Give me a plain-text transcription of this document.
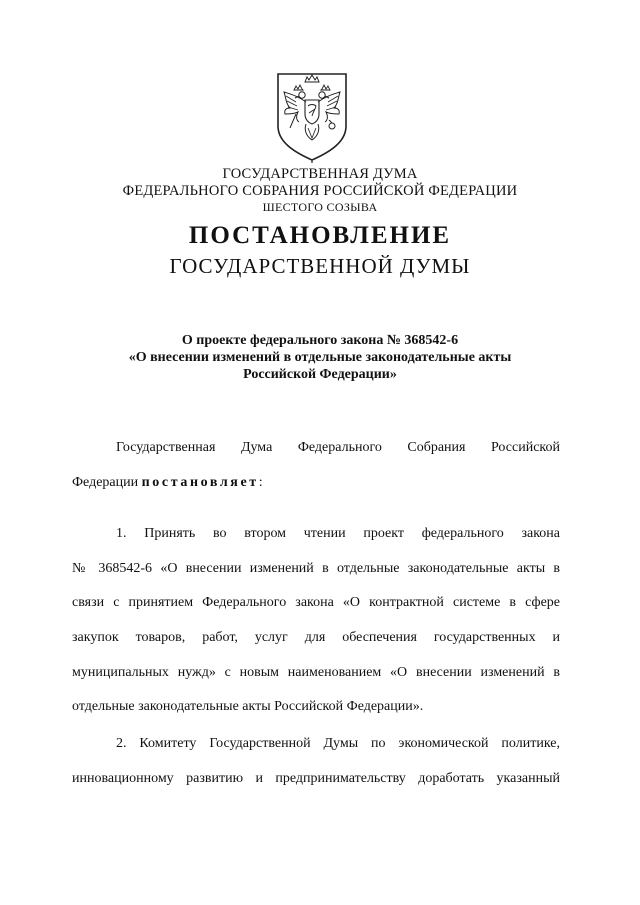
ГОСУДАРСТВЕННАЯ ДУМА
ФЕДЕРАЛЬНОГО СОБРАНИЯ РОССИЙСКОЙ ФЕДЕРАЦИИ
ШЕСТОГО СОЗЫВА
ПОСТАНОВЛЕНИЕ
ГОСУДАРСТВЕННОЙ ДУМЫ
О проекте федерального закона № 368542-6
«О внесении изменений в отдельные законодательные акты
Российской Федерации»
Государственная Дума Федерального Собрания Российской
Федерации постановляет:
1. Принять во втором чтении проект федерального закона
№ 368542-6 «О внесении изменений в отдельные законодательные акты в
связи с принятием Федерального закона «О контрактной системе в сфере
закупок товаров, работ, услуг для обеспечения государственных и
муниципальных нужд» с новым наименованием «О внесении изменений в
отдельные законодательные акты Российской Федерации».
2. Комитету Государственной Думы по экономической политике,
инновационному развитию и предпринимательству доработать указанный
